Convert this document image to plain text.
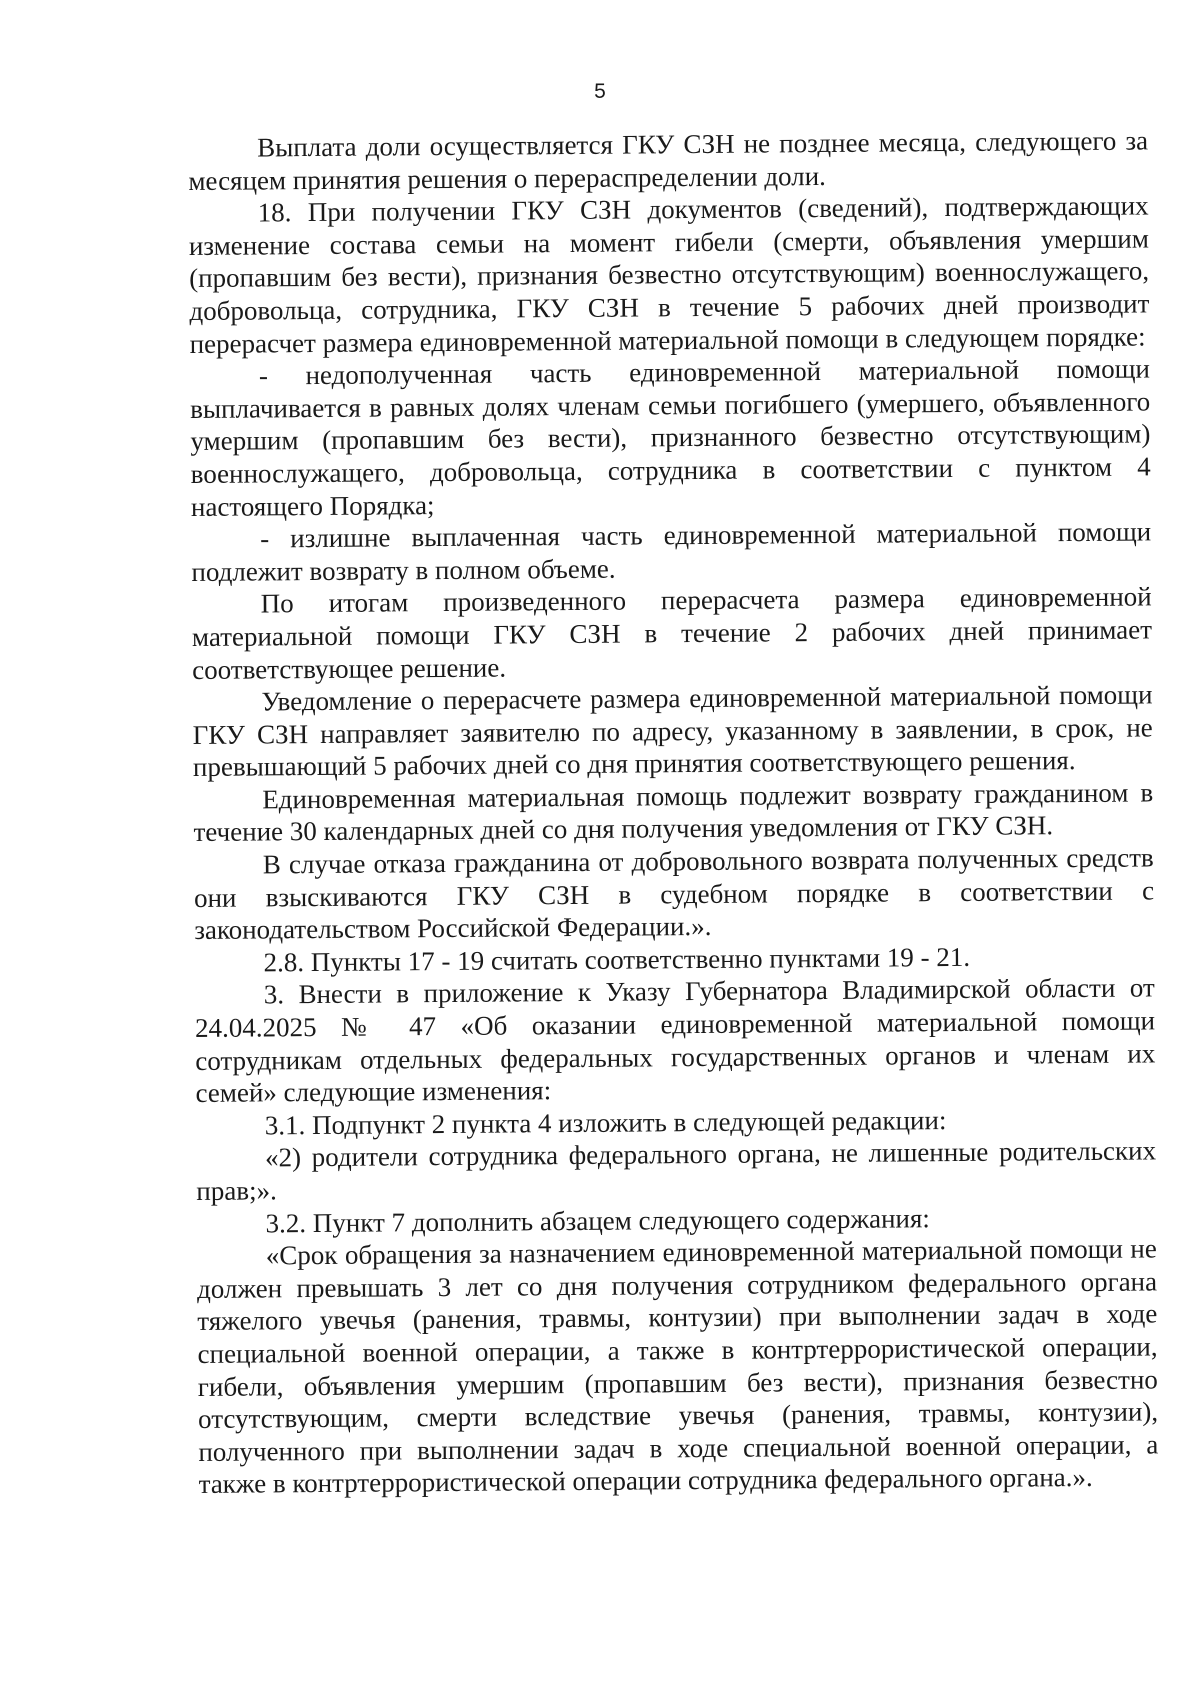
5

Выплата доли осуществляется ГКУ СЗН не позднее месяца, следующего за месяцем принятия решения о перераспределении доли.

18. При получении ГКУ СЗН документов (сведений), подтверждающих изменение состава семьи на момент гибели (смерти, объявления умершим (пропавшим без вести), признания безвестно отсутствующим) военнослужащего, добровольца, сотрудника, ГКУ СЗН в течение 5 рабочих дней производит перерасчет размера единовременной материальной помощи в следующем порядке:

- недополученная часть единовременной материальной помощи выплачивается в равных долях членам семьи погибшего (умершего, объявленного умершим (пропавшим без вести), признанного безвестно отсутствующим) военнослужащего, добровольца, сотрудника в соответствии с пунктом 4 настоящего Порядка;

- излишне выплаченная часть единовременной материальной помощи подлежит возврату в полном объеме.

По итогам произведенного перерасчета размера единовременной материальной помощи ГКУ СЗН в течение 2 рабочих дней принимает соответствующее решение.

Уведомление о перерасчете размера единовременной материальной помощи ГКУ СЗН направляет заявителю по адресу, указанному в заявлении, в срок, не превышающий 5 рабочих дней со дня принятия соответствующего решения.

Единовременная материальная помощь подлежит возврату гражданином в течение 30 календарных дней со дня получения уведомления от ГКУ СЗН.

В случае отказа гражданина от добровольного возврата полученных средств они взыскиваются ГКУ СЗН в судебном порядке в соответствии с законодательством Российской Федерации.».

2.8. Пункты 17 - 19 считать соответственно пунктами 19 - 21.

3. Внести в приложение к Указу Губернатора Владимирской области от 24.04.2025 № 47 «Об оказании единовременной материальной помощи сотрудникам отдельных федеральных государственных органов и членам их семей» следующие изменения:

3.1. Подпункт 2 пункта 4 изложить в следующей редакции:

«2) родители сотрудника федерального органа, не лишенные родительских прав;».

3.2. Пункт 7 дополнить абзацем следующего содержания:

«Срок обращения за назначением единовременной материальной помощи не должен превышать 3 лет со дня получения сотрудником федерального органа тяжелого увечья (ранения, травмы, контузии) при выполнении задач в ходе специальной военной операции, а также в контртеррористической операции, гибели, объявления умершим (пропавшим без вести), признания безвестно отсутствующим, смерти вследствие увечья (ранения, травмы, контузии), полученного при выполнении задач в ходе специальной военной операции, а также в контртеррористической операции сотрудника федерального органа.».
